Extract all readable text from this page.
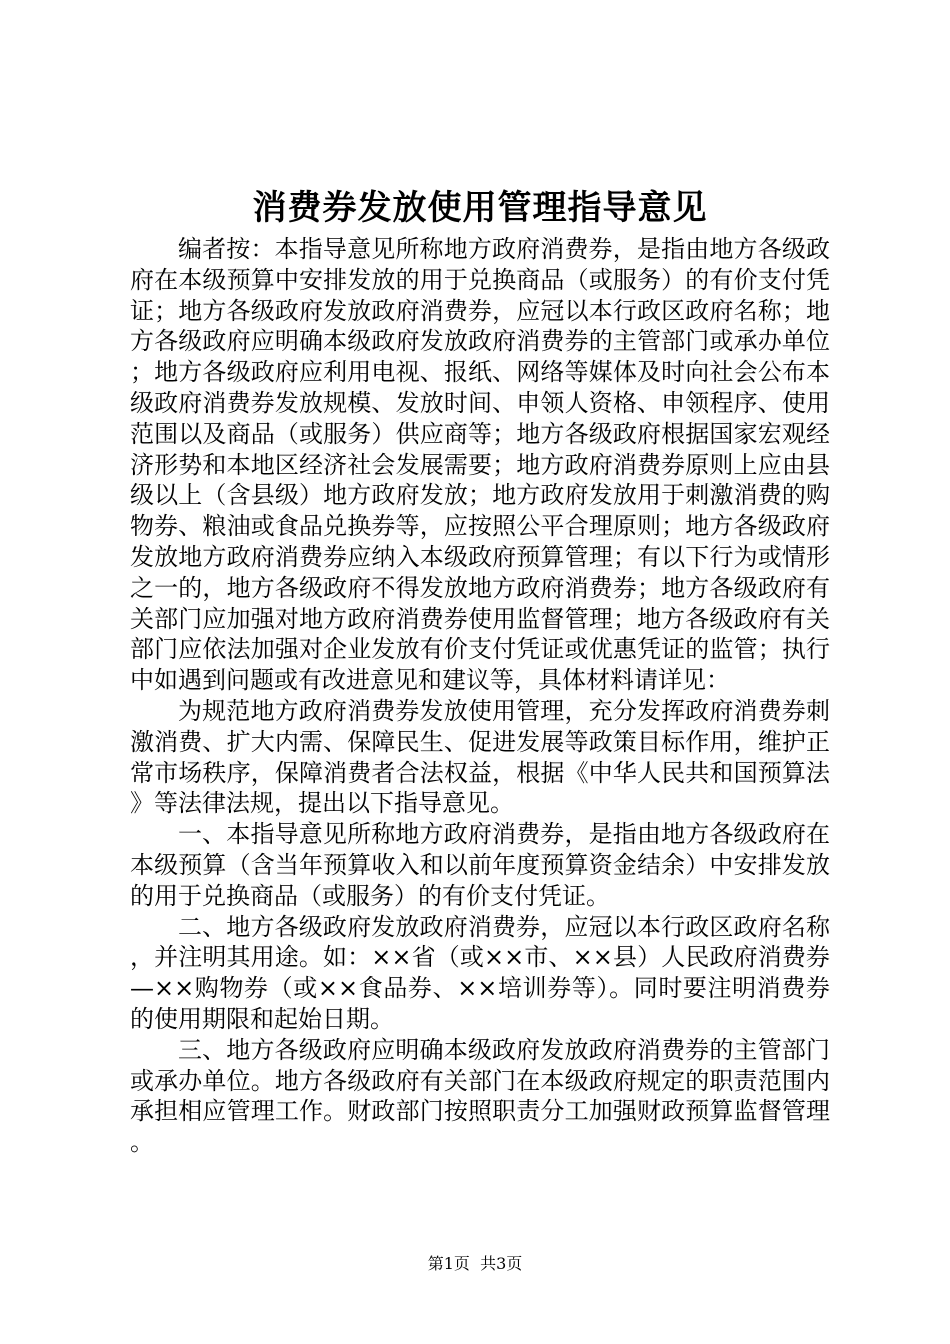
消费券发放使用管理指导意见

编者按：本指导意见所称地方政府消费券，是指由地方各级政府在本级预算中安排发放的用于兑换商品（或服务）的有价支付凭证；地方各级政府发放政府消费券，应冠以本行政区政府名称；地方各级政府应明确本级政府发放政府消费券的主管部门或承办单位；地方各级政府应利用电视、报纸、网络等媒体及时向社会公布本级政府消费券发放规模、发放时间、申领人资格、申领程序、使用范围以及商品（或服务）供应商等；地方各级政府根据国家宏观经济形势和本地区经济社会发展需要；地方政府消费券原则上应由县级以上（含县级）地方政府发放；地方政府发放用于刺激消费的购物券、粮油或食品兑换券等，应按照公平合理原则；地方各级政府发放地方政府消费券应纳入本级政府预算管理；有以下行为或情形之一的，地方各级政府不得发放地方政府消费券；地方各级政府有关部门应加强对地方政府消费券使用监督管理；地方各级政府有关部门应依法加强对企业发放有价支付凭证或优惠凭证的监管；执行中如遇到问题或有改进意见和建议等，具体材料请详见：

为规范地方政府消费券发放使用管理，充分发挥政府消费券刺激消费、扩大内需、保障民生、促进发展等政策目标作用，维护正常市场秩序，保障消费者合法权益，根据《中华人民共和国预算法》等法律法规，提出以下指导意见。

一、本指导意见所称地方政府消费券，是指由地方各级政府在本级预算（含当年预算收入和以前年度预算资金结余）中安排发放的用于兑换商品（或服务）的有价支付凭证。

二、地方各级政府发放政府消费券，应冠以本行政区政府名称，并注明其用途。如：××省（或××市、××县）人民政府消费券—××购物券（或××食品券、××培训券等）。同时要注明消费券的使用期限和起始日期。

三、地方各级政府应明确本级政府发放政府消费券的主管部门或承办单位。地方各级政府有关部门在本级政府规定的职责范围内承担相应管理工作。财政部门按照职责分工加强财政预算监督管理。

第1页  共3页
